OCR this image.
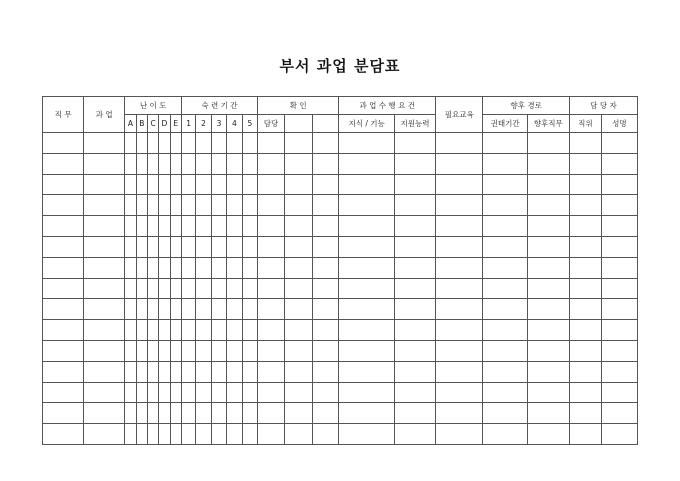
부서 과업 분담표
직 무	과 업	난 이 도					숙 련 기 간					확 인			과 업 수 행 요 건		필요교육	향후 경로		담 당 자	
		A	B	C	D	E	1	2	3	4	5	담당			지식 / 기능	지원능력		권태기간	향후직무	직위	성명
